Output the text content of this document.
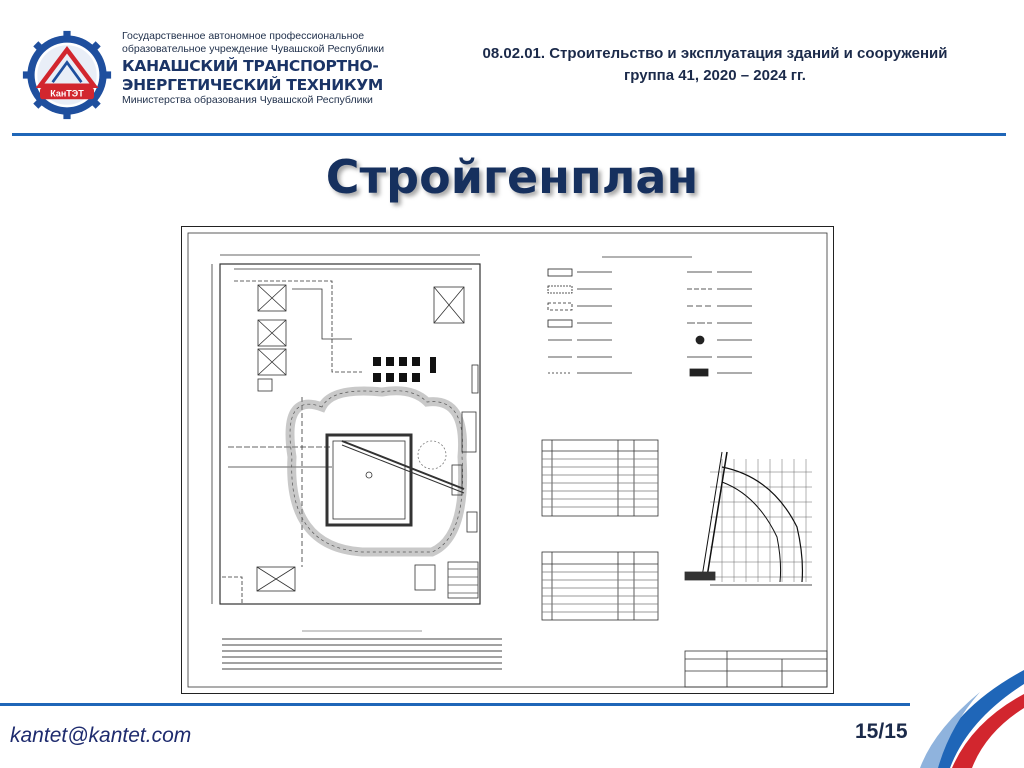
КанТЭТ
Государственное автономное профессиональное
образовательное учреждение Чувашской Республики
КАНАШСКИЙ ТРАНСПОРТНО-
ЭНЕРГЕТИЧЕСКИЙ ТЕХНИКУМ
Министерства образования Чувашской Республики
08.02.01. Строительство и эксплуатация зданий и сооружений
группа 41, 2020 – 2024 гг.
Стройгенплан
kantet@kantet.com	15/15
